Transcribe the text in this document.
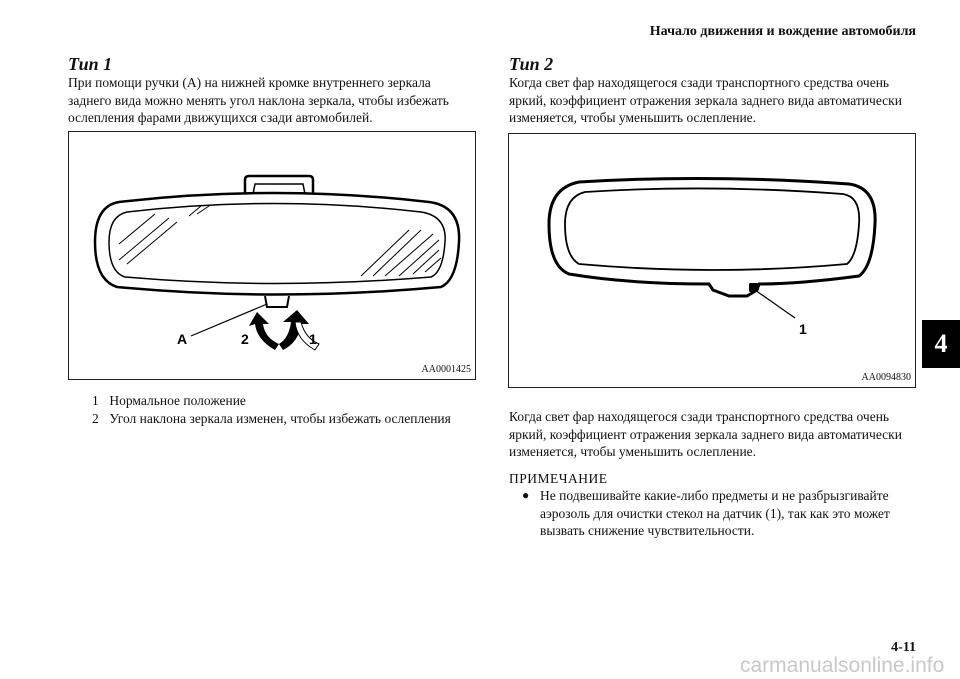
Начало движения и вождение автомобиля
4
Тип 1
При помощи ручки (A) на нижней кромке внутреннего зеркала
заднего вида можно менять угол наклона зеркала, чтобы избежать
ослепления фарами движущихся сзади автомобилей.
A	2	1
AA0001425
1 Нормальное положение
2 Угол наклона зеркала изменен, чтобы избежать ослепления
Тип 2
Когда свет фар находящегося сзади транспортного средства очень
яркий, коэффициент отражения зеркала заднего вида автоматически
изменяется, чтобы уменьшить ослепление.
1
AA0094830
Когда свет фар находящегося сзади транспортного средства очень
яркий, коэффициент отражения зеркала заднего вида автоматически
изменяется, чтобы уменьшить ослепление.
ПРИМЕЧАНИЕ
● Не подвешивайте какие-либо предметы и не разбрызгивайте
аэрозоль для очистки стекол на датчик (1), так как это может
вызвать снижение чувствительности.
4-11
carmanualsonline.info
